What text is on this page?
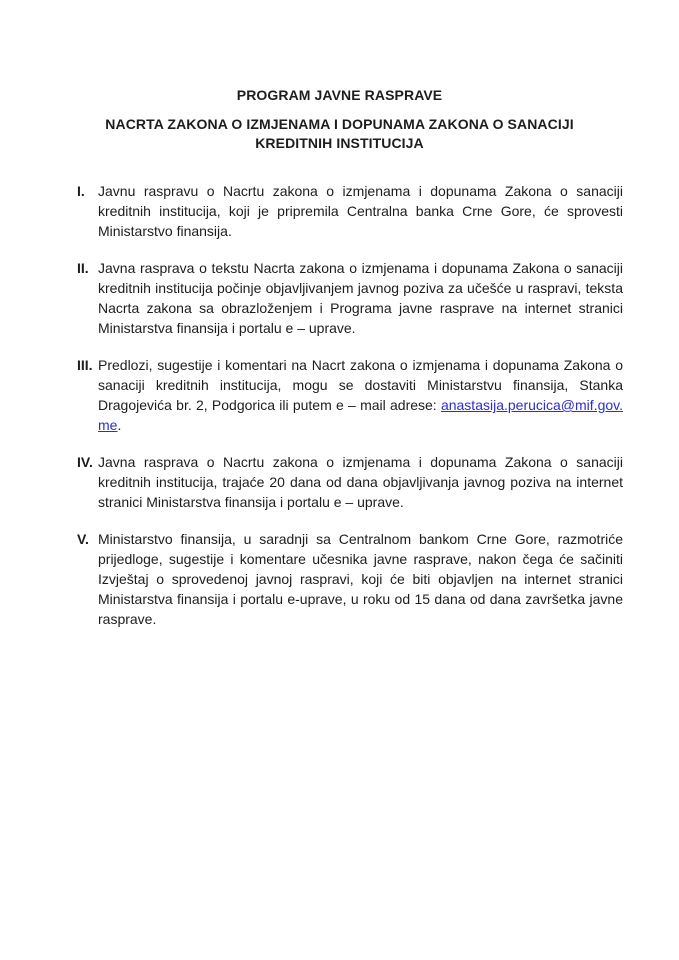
PROGRAM JAVNE RASPRAVE
NACRTA ZAKONA O IZMJENAMA I DOPUNAMA ZAKONA O SANACIJI KREDITNIH INSTITUCIJA
I. Javnu raspravu o Nacrtu zakona o izmjenama i dopunama Zakona o sanaciji kreditnih institucija, koji je pripremila Centralna banka Crne Gore, će sprovesti Ministarstvo finansija.
II. Javna rasprava o tekstu Nacrta zakona o izmjenama i dopunama Zakona o sanaciji kreditnih institucija počinje objavljivanjem javnog poziva za učešće u raspravi, teksta Nacrta zakona sa obrazloženjem i Programa javne rasprave na internet stranici Ministarstva finansija i portalu e – uprave.
III. Predlozi, sugestije i komentari na Nacrt zakona o izmjenama i dopunama Zakona o sanaciji kreditnih institucija, mogu se dostaviti Ministarstvu finansija, Stanka Dragojevića br. 2, Podgorica ili putem e – mail adrese: anastasija.perucica@mif.gov.me.
IV. Javna rasprava o Nacrtu zakona o izmjenama i dopunama Zakona o sanaciji kreditnih institucija, trajaće 20 dana od dana objavljivanja javnog poziva na internet stranici Ministarstva finansija i portalu e – uprave.
V. Ministarstvo finansija, u saradnji sa Centralnom bankom Crne Gore, razmotriće prijedloge, sugestije i komentare učesnika javne rasprave, nakon čega će sačiniti Izvještaj o sprovedenoj javnoj raspravi, koji će biti objavljen na internet stranici Ministarstva finansija i portalu e-uprave, u roku od 15 dana od dana završetka javne rasprave.
